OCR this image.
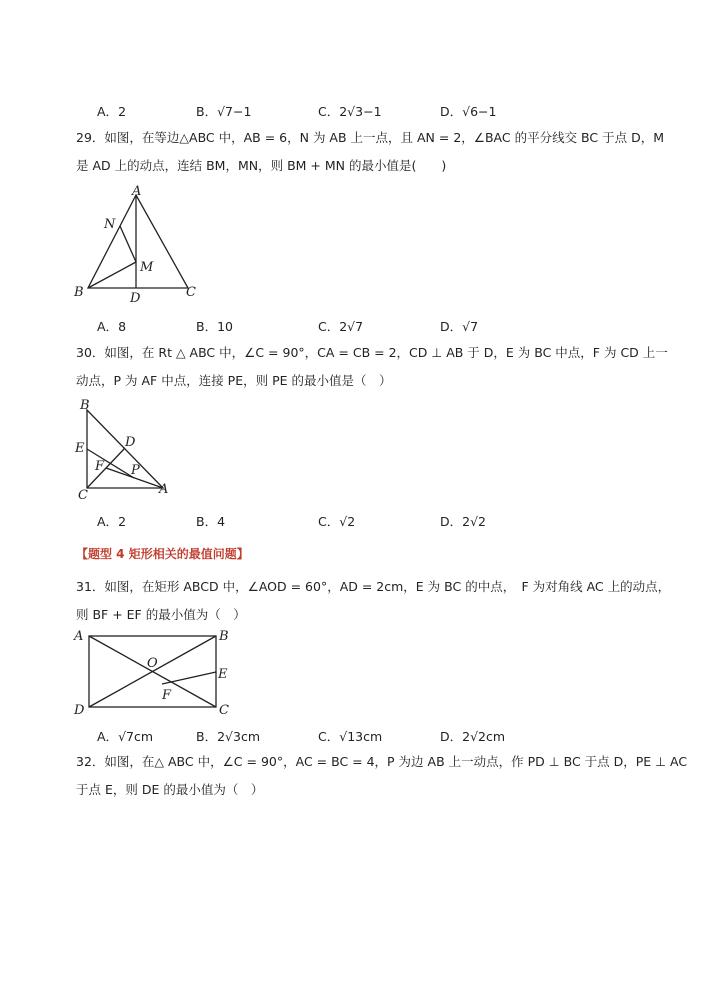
A．2	B．√7−1	C．2√3−1	D．√6−1
29．如图，在等边△ABC 中，AB = 6，N 为 AB 上一点，且 AN = 2，∠BAC 的平分线交 BC 于点 D，M
是 AD 上的动点，连结 BM，MN，则 BM + MN 的最小值是(　　)
A
N
M
B	D	C
A．8	B．10	C．2√7	D．√7
30．如图，在 Rt △ ABC 中，∠C = 90°，CA = CB = 2，CD ⊥ AB 于 D，E 为 BC 中点，F 为 CD 上一
动点，P 为 AF 中点，连接 PE，则 PE 的最小值是（　）
B
D
E
F P
C	A
A．2	B．4	C．√2	D．2√2
【题型 4 矩形相关的最值问题】
31．如图，在矩形 ABCD 中，∠AOD = 60°，AD = 2cm，E 为 BC 的中点，　F 为对角线 AC 上的动点，
则 BF + EF 的最小值为（　）
A	B
O
E
F
D	C
A．√7cm	B．2√3cm	C．√13cm	D．2√2cm
32．如图，在△ ABC 中，∠C = 90°，AC = BC = 4，P 为边 AB 上一动点，作 PD ⊥ BC 于点 D，PE ⊥ AC
于点 E，则 DE 的最小值为（　）
